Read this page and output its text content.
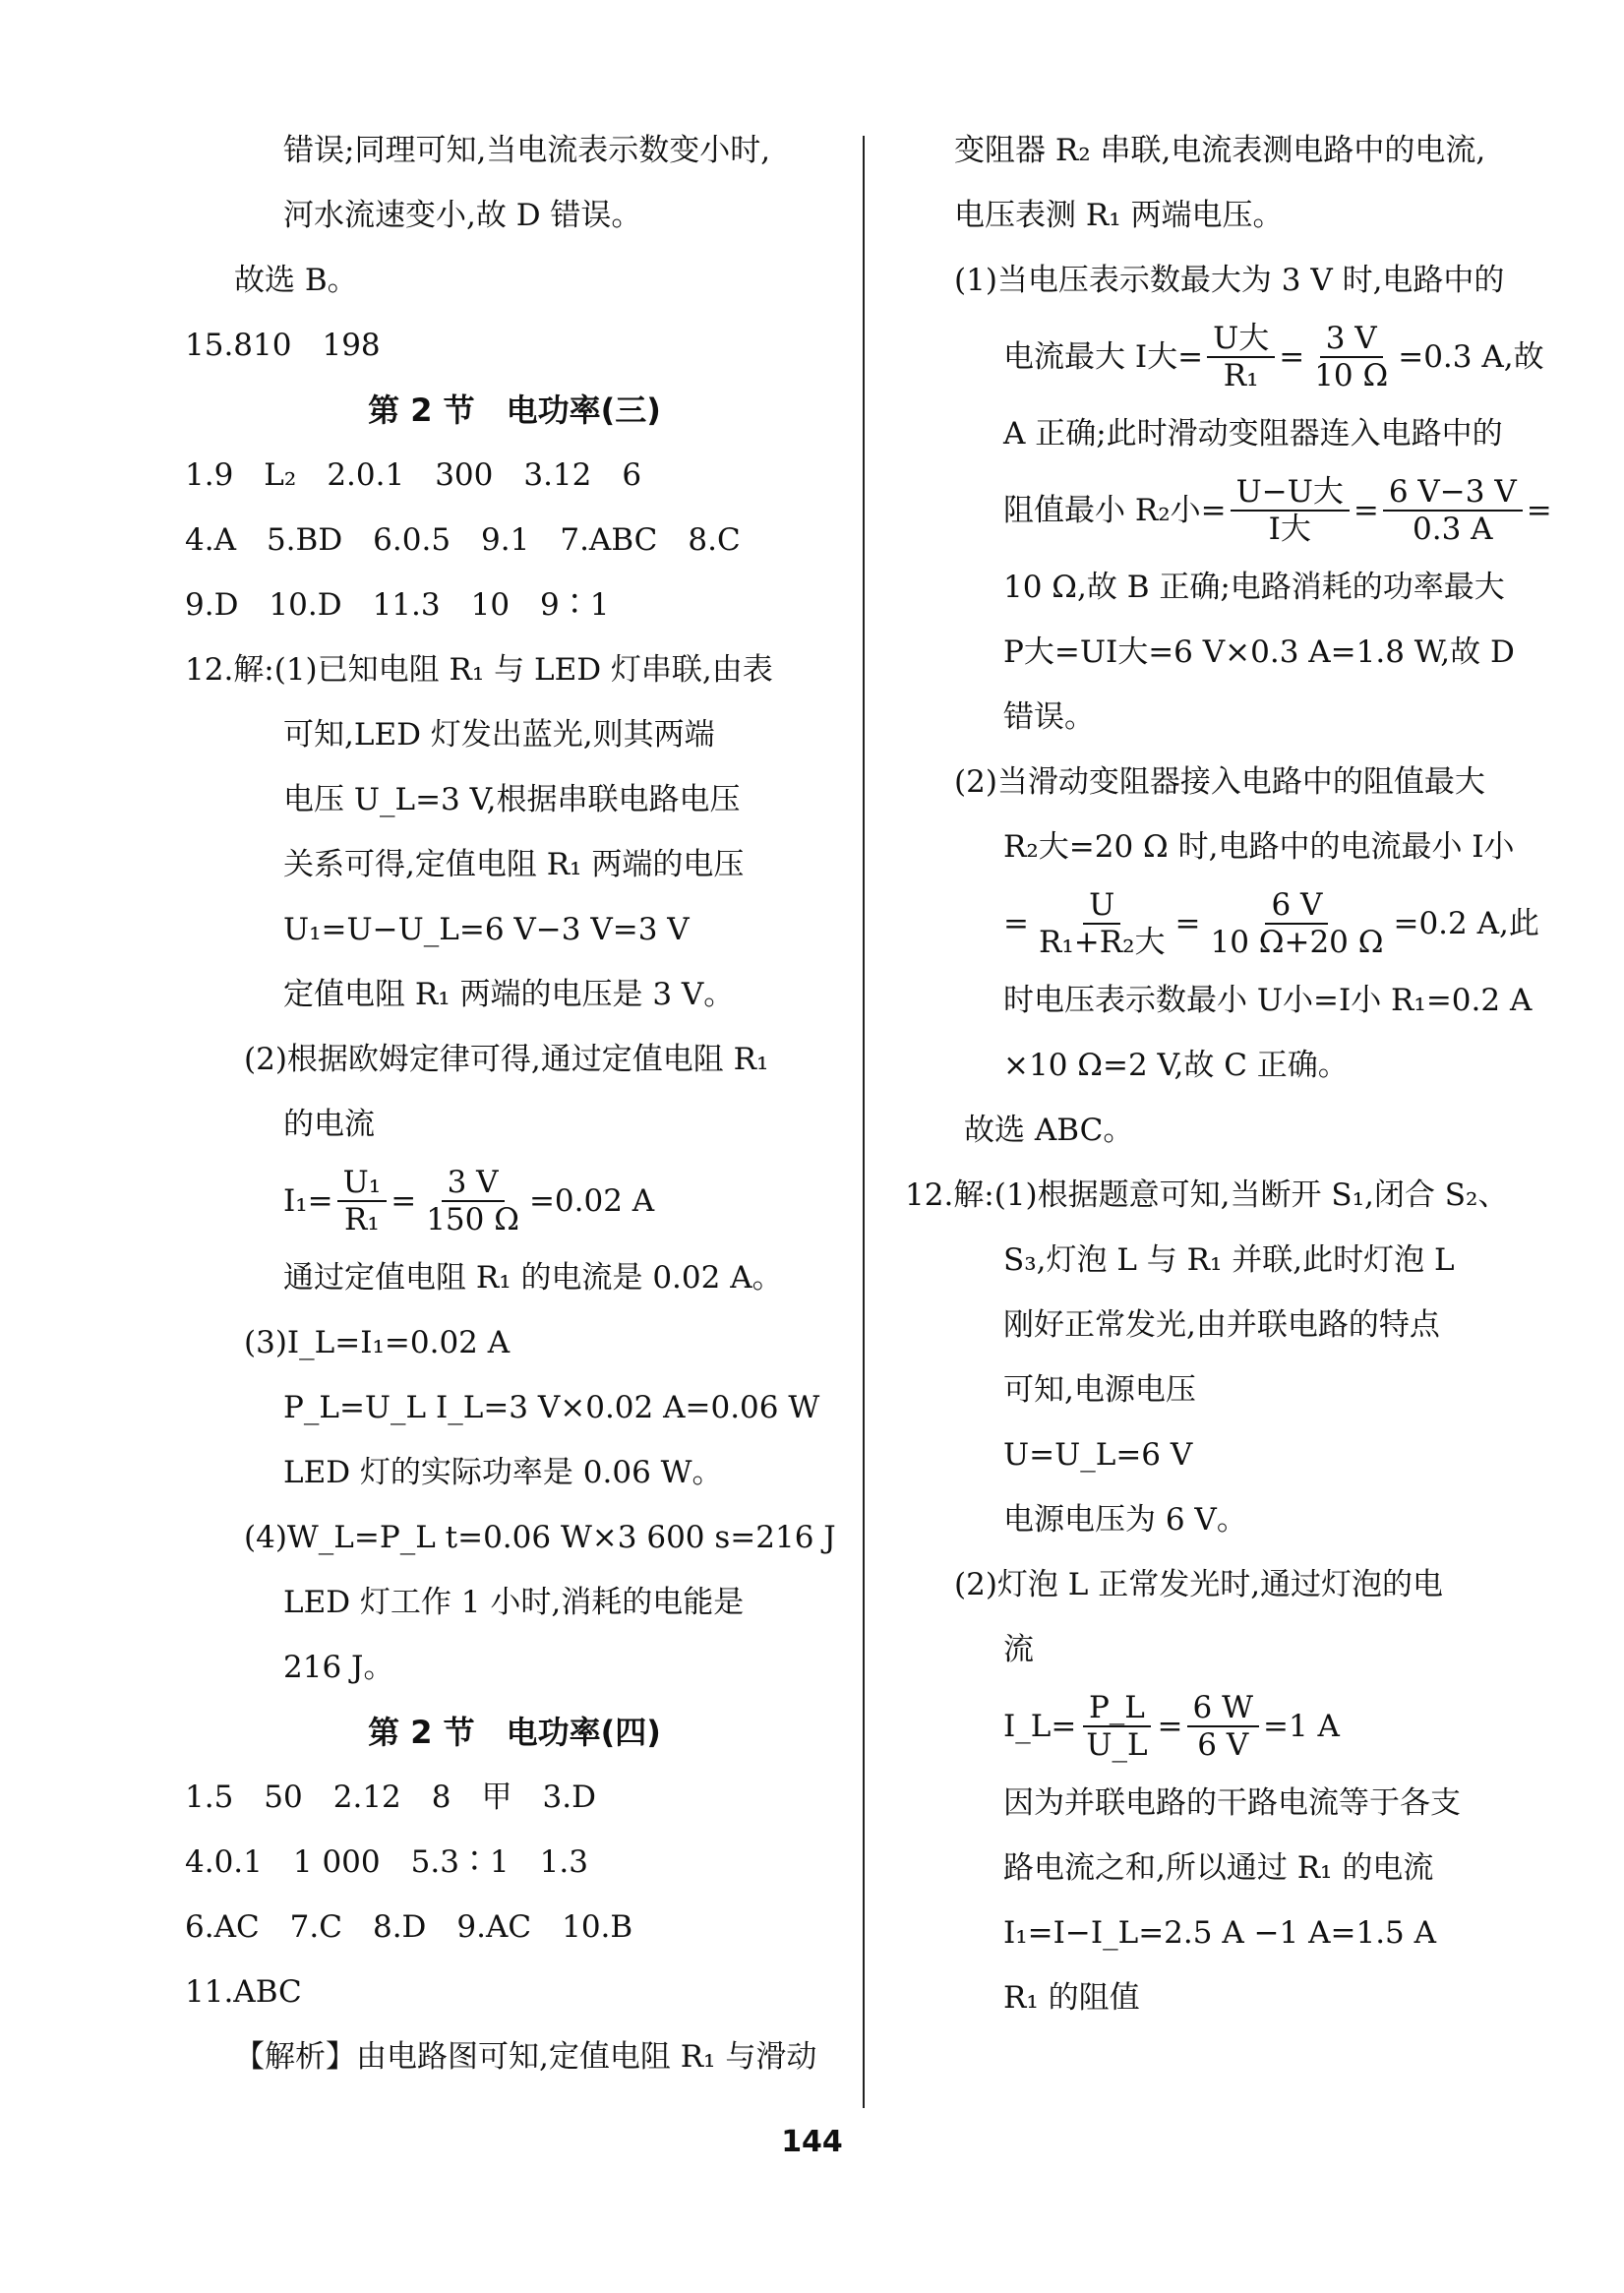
错误;同理可知,当电流表示数变小时,
河水流速变小,故 D 错误。
故选 B。
15.810　198
第 2 节　电功率(三)
1.9　L₂　2.0.1　300　3.12　6
4.A　5.BD　6.0.5　9.1　7.ABC　8.C
9.D　10.D　11.3　10　9∶1
12.解:(1)已知电阻 R₁ 与 LED 灯串联,由表
可知,LED 灯发出蓝光,则其两端
电压 U_L=3 V,根据串联电路电压
关系可得,定值电阻 R₁ 两端的电压
U₁=U−U_L=6 V−3 V=3 V
定值电阻 R₁ 两端的电压是 3 V。
(2)根据欧姆定律可得,通过定值电阻 R₁
的电流
$I_1= \frac{\text{U₁}}{\text{R₁}} = \frac{3 V}{150 \Omega} =0.02$ A
通过定值电阻 R₁ 的电流是 0.02 A。
(3)I_L=I₁=0.02 A
P_L=U_L I_L=3 V×0.02 A=0.06 W
LED 灯的实际功率是 0.06 W。
(4)W_L=P_L t=0.06 W×3 600 s=216 J
LED 灯工作 1 小时,消耗的电能是
216 J。
第 2 节　电功率(四)
1.5　50　2.12　8　甲　3.D
4.0.1　1 000　5.3∶1　1.3
6.AC　7.C　8.D　9.AC　10.B
11.ABC
【解析】由电路图可知,定值电阻 R₁ 与滑动
变阻器 R₂ 串联,电流表测电路中的电流,
电压表测 R₁ 两端电压。
(1)当电压表示数最大为 3 V 时,电路中的
电流最大 I大= $\frac{\text{U大}}{\text{R₁}} = \frac{3 V}{10 \Omega} =0.3$ A,故
A 正确;此时滑动变阻器连入电路中的
阻值最小 R₂小= $\frac{\text{U−U大}}{\text{I大}} = \frac{6 V-3 V}{0.3 A}$ =
10 Ω,故 B 正确;电路消耗的功率最大
P大=UI大=6 V×0.3 A=1.8 W,故 D
错误。
(2)当滑动变阻器接入电路中的阻值最大
R₂大=20 Ω 时,电路中的电流最小 I小
= $\frac{U}{\text{R₁+R₂大}} = \frac{6 V}{10 \Omega+20 \Omega} =0.2$ A,此
时电压表示数最小 U小=I小 R₁=0.2 A
×10 Ω=2 V,故 C 正确。
故选 ABC。
12.解:(1)根据题意可知,当断开 S₁,闭合 S₂、
S₃,灯泡 L 与 R₁ 并联,此时灯泡 L
刚好正常发光,由并联电路的特点
可知,电源电压
U=U_L=6 V
电源电压为 6 V。
(2)灯泡 L 正常发光时,通过灯泡的电
流
I_L= $\frac{P\_L}{U\_L} = \frac{6 W}{6 V} =1$ A
因为并联电路的干路电流等于各支
路电流之和,所以通过 R₁ 的电流
I₁=I−I_L=2.5 A −1 A=1.5 A
R₁ 的阻值
144
